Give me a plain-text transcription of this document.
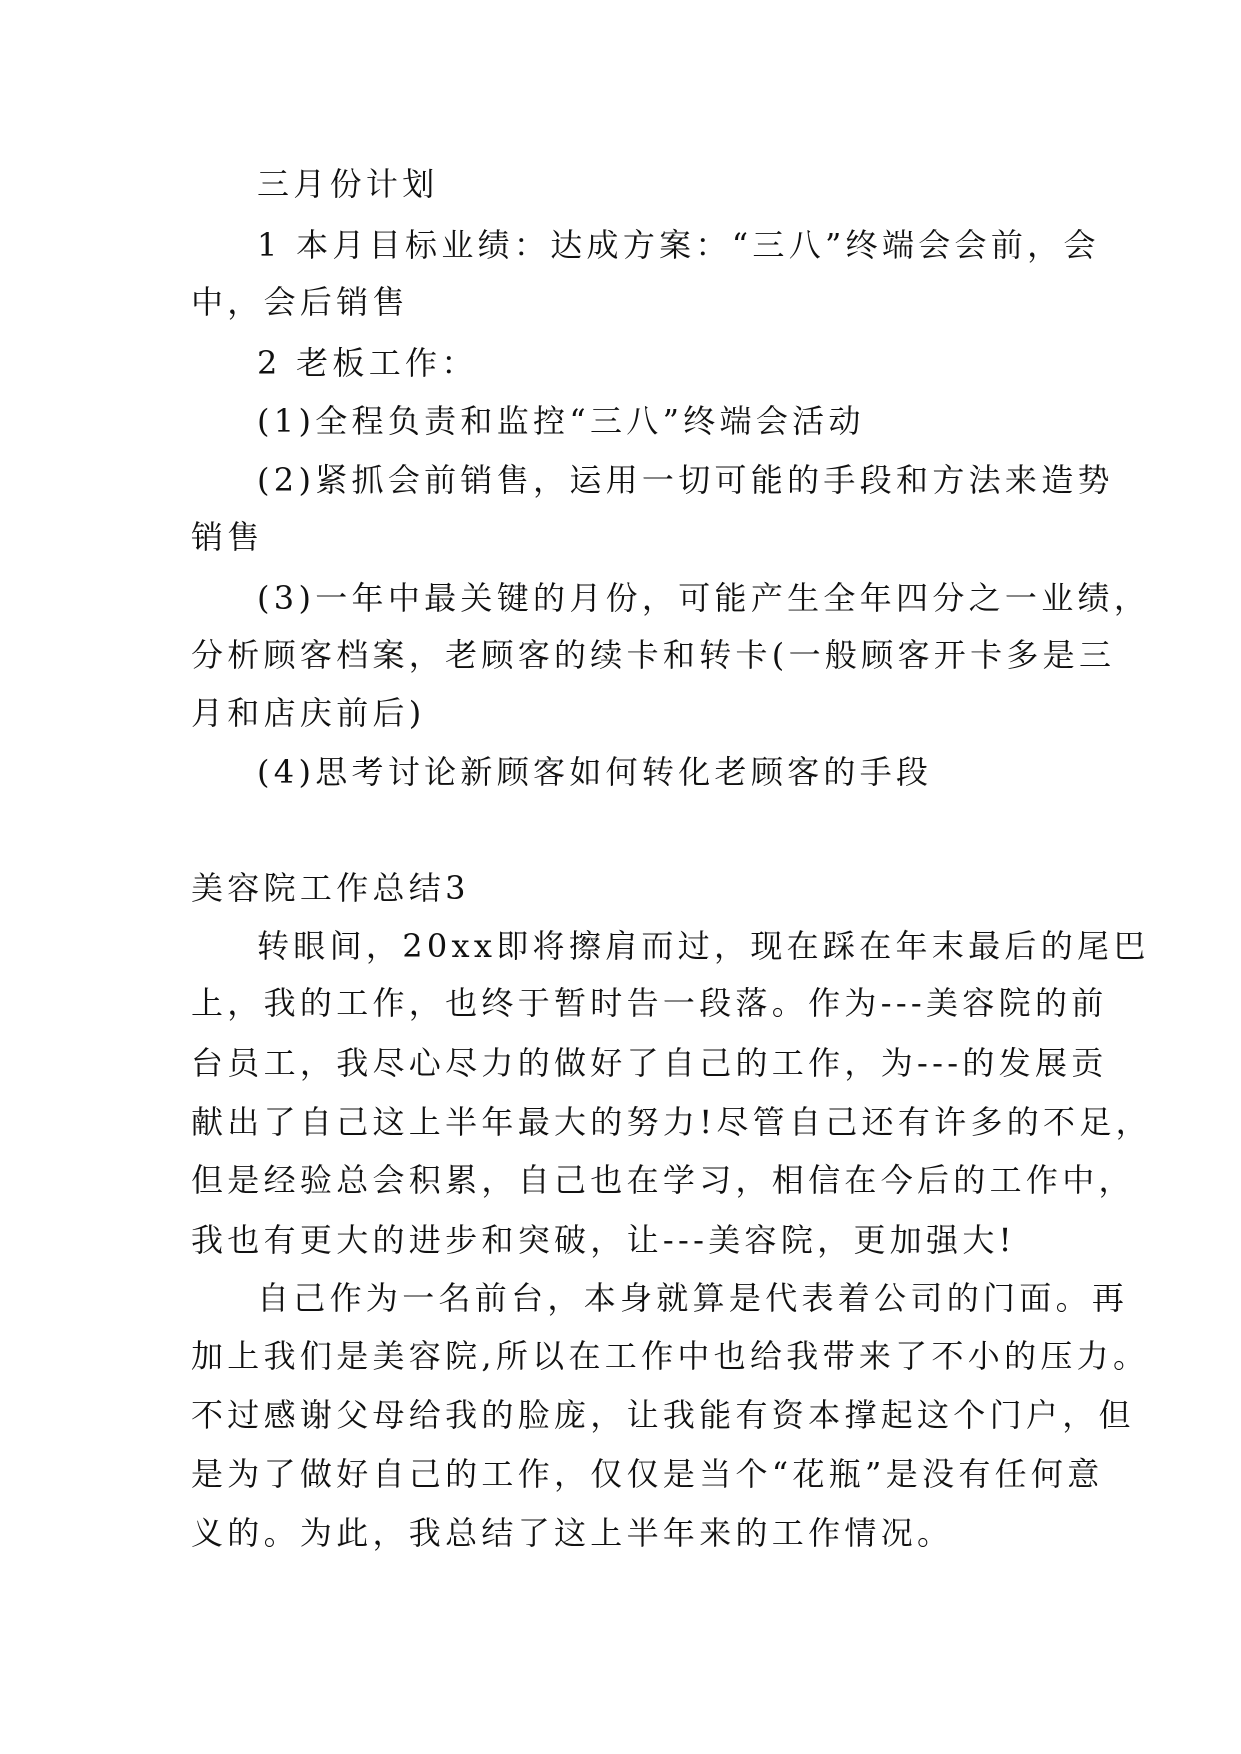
三月份计划
1 本月目标业绩：达成方案：“三八”终端会会前，会
中，会后销售
2 老板工作：
(1)全程负责和监控“三八”终端会活动
(2)紧抓会前销售，运用一切可能的手段和方法来造势
销售
(3)一年中最关键的月份，可能产生全年四分之一业绩，
分析顾客档案，老顾客的续卡和转卡(一般顾客开卡多是三
月和店庆前后)
(4)思考讨论新顾客如何转化老顾客的手段
美容院工作总结3
转眼间，20xx即将擦肩而过，现在踩在年末最后的尾巴
上，我的工作，也终于暂时告一段落。作为---美容院的前
台员工，我尽心尽力的做好了自己的工作，为---的发展贡
献出了自己这上半年最大的努力!尽管自己还有许多的不足，
但是经验总会积累，自己也在学习，相信在今后的工作中，
我也有更大的进步和突破，让---美容院，更加强大!
自己作为一名前台，本身就算是代表着公司的门面。再
加上我们是美容院,所以在工作中也给我带来了不小的压力。
不过感谢父母给我的脸庞，让我能有资本撑起这个门户，但
是为了做好自己的工作，仅仅是当个“花瓶”是没有任何意
义的。为此，我总结了这上半年来的工作情况。
